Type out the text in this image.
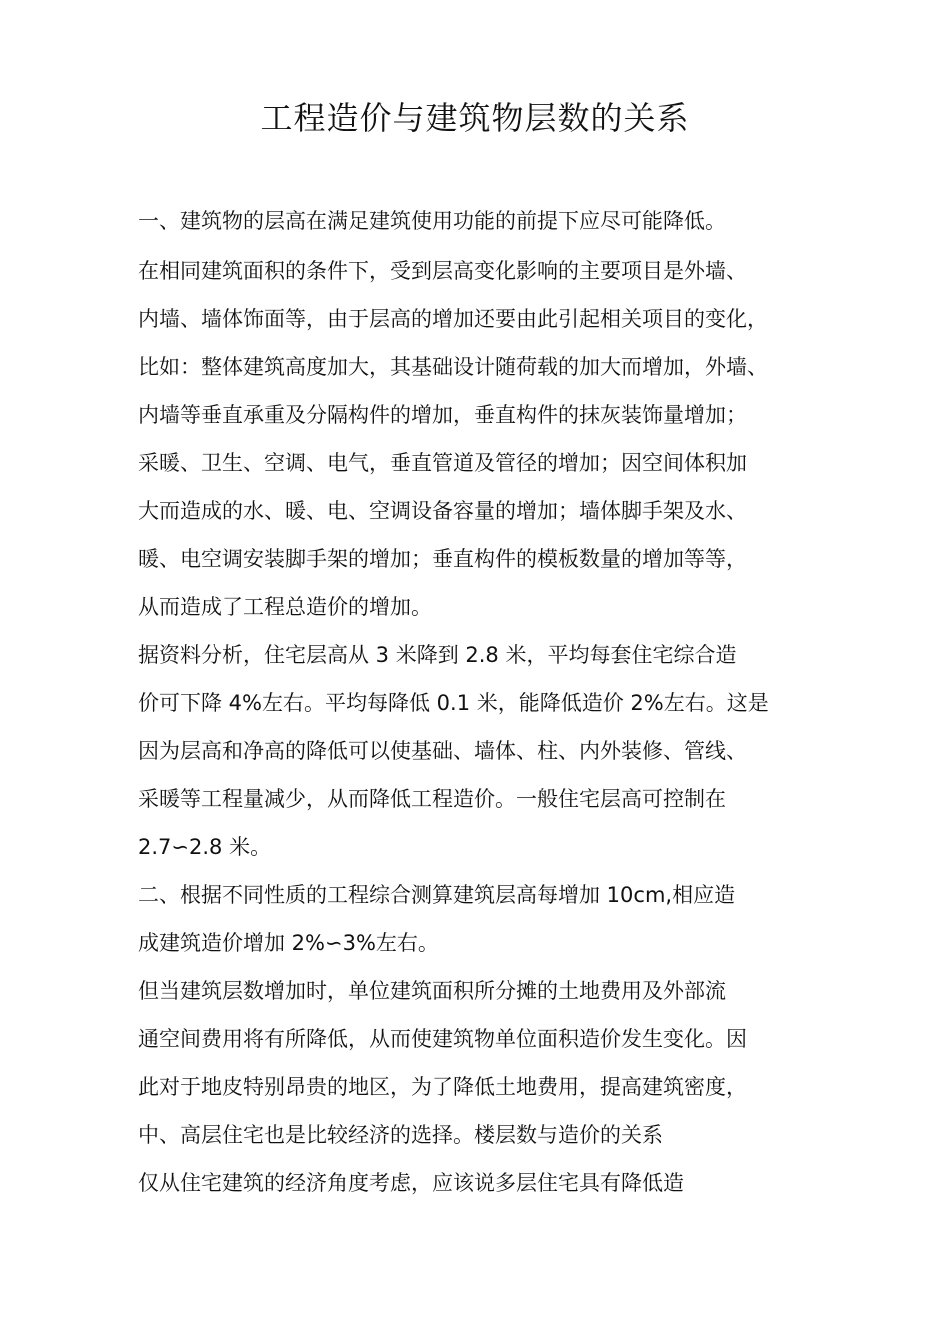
工程造价与建筑物层数的关系
一、建筑物的层高在满足建筑使用功能的前提下应尽可能降低。
在相同建筑面积的条件下，受到层高变化影响的主要项目是外墙、
内墙、墙体饰面等，由于层高的增加还要由此引起相关项目的变化，
比如：整体建筑高度加大，其基础设计随荷载的加大而增加，外墙、
内墙等垂直承重及分隔构件的增加，垂直构件的抹灰装饰量增加；
采暖、卫生、空调、电气，垂直管道及管径的增加；因空间体积加
大而造成的水、暖、电、空调设备容量的增加；墙体脚手架及水、
暖、电空调安装脚手架的增加；垂直构件的模板数量的增加等等，
从而造成了工程总造价的增加。
据资料分析，住宅层高从 3 米降到 2.8 米，平均每套住宅综合造
价可下降 4%左右。平均每降低 0.1 米，能降低造价 2%左右。这是
因为层高和净高的降低可以使基础、墙体、柱、内外装修、管线、
采暖等工程量减少，从而降低工程造价。一般住宅层高可控制在
2.7∽2.8 米。
二、根据不同性质的工程综合测算建筑层高每增加 10cm,相应造
成建筑造价增加 2%∽3%左右。
但当建筑层数增加时，单位建筑面积所分摊的土地费用及外部流
通空间费用将有所降低，从而使建筑物单位面积造价发生变化。因
此对于地皮特别昂贵的地区，为了降低土地费用，提高建筑密度，
中、高层住宅也是比较经济的选择。楼层数与造价的关系
仅从住宅建筑的经济角度考虑，应该说多层住宅具有降低造
